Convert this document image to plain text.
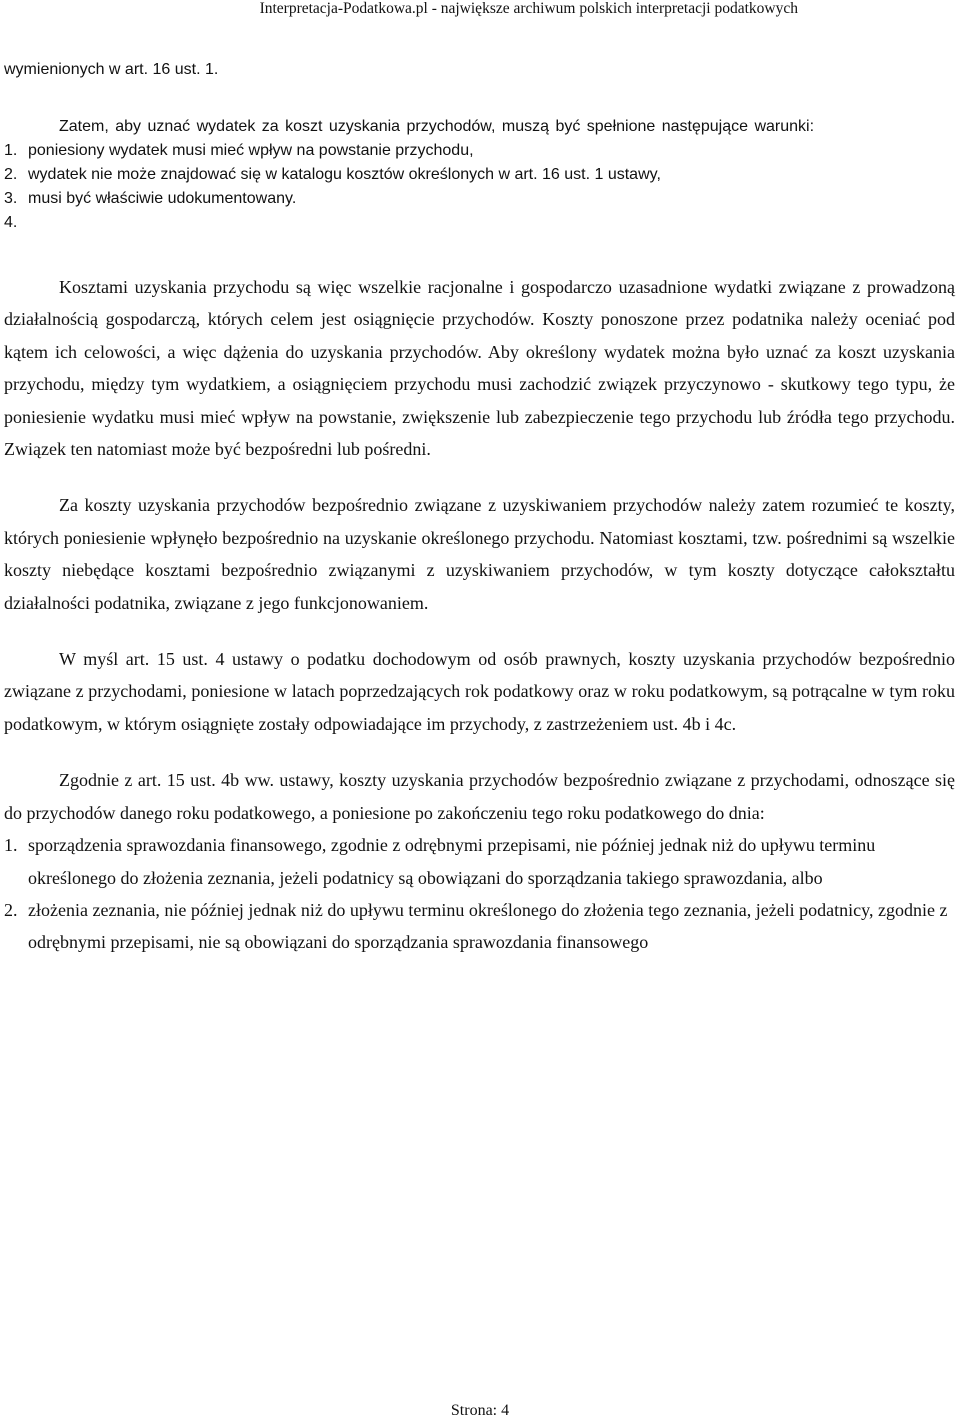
Interpretacja-Podatkowa.pl - największe archiwum polskich interpretacji podatkowych

wymienionych w art. 16 ust. 1.

Zatem, aby uznać wydatek za koszt uzyskania przychodów, muszą być spełnione następujące warunki:

1. poniesiony wydatek musi mieć wpływ na powstanie przychodu,
2. wydatek nie może znajdować się w katalogu kosztów określonych w art. 16 ust. 1 ustawy,
3. musi być właściwie udokumentowany.
4.

Kosztami uzyskania przychodu są więc wszelkie racjonalne i gospodarczo uzasadnione wydatki związane z prowadzoną działalnością gospodarczą, których celem jest osiągnięcie przychodów. Koszty ponoszone przez podatnika należy oceniać pod kątem ich celowości, a więc dążenia do uzyskania przychodów. Aby określony wydatek można było uznać za koszt uzyskania przychodu, między tym wydatkiem, a osiągnięciem przychodu musi zachodzić związek przyczynowo - skutkowy tego typu, że poniesienie wydatku musi mieć wpływ na powstanie, zwiększenie lub zabezpieczenie tego przychodu lub źródła tego przychodu. Związek ten natomiast może być bezpośredni lub pośredni.

Za koszty uzyskania przychodów bezpośrednio związane z uzyskiwaniem przychodów należy zatem rozumieć te koszty, których poniesienie wpłynęło bezpośrednio na uzyskanie określonego przychodu. Natomiast kosztami, tzw. pośrednimi są wszelkie koszty niebędące kosztami bezpośrednio związanymi z uzyskiwaniem przychodów, w tym koszty dotyczące całokształtu działalności podatnika, związane z jego funkcjonowaniem.

W myśl art. 15 ust. 4 ustawy o podatku dochodowym od osób prawnych, koszty uzyskania przychodów bezpośrednio związane z przychodami, poniesione w latach poprzedzających rok podatkowy oraz w roku podatkowym, są potrącalne w tym roku podatkowym, w którym osiągnięte zostały odpowiadające im przychody, z zastrzeżeniem ust. 4b i 4c.

Zgodnie z art. 15 ust. 4b ww. ustawy, koszty uzyskania przychodów bezpośrednio związane z przychodami, odnoszące się do przychodów danego roku podatkowego, a poniesione po zakończeniu tego roku podatkowego do dnia:

1. sporządzenia sprawozdania finansowego, zgodnie z odrębnymi przepisami, nie później jednak niż do upływu terminu określonego do złożenia zeznania, jeżeli podatnicy są obowiązani do sporządzania takiego sprawozdania, albo
2. złożenia zeznania, nie później jednak niż do upływu terminu określonego do złożenia tego zeznania, jeżeli podatnicy, zgodnie z odrębnymi przepisami, nie są obowiązani do sporządzania sprawozdania finansowego
Strona: 4
